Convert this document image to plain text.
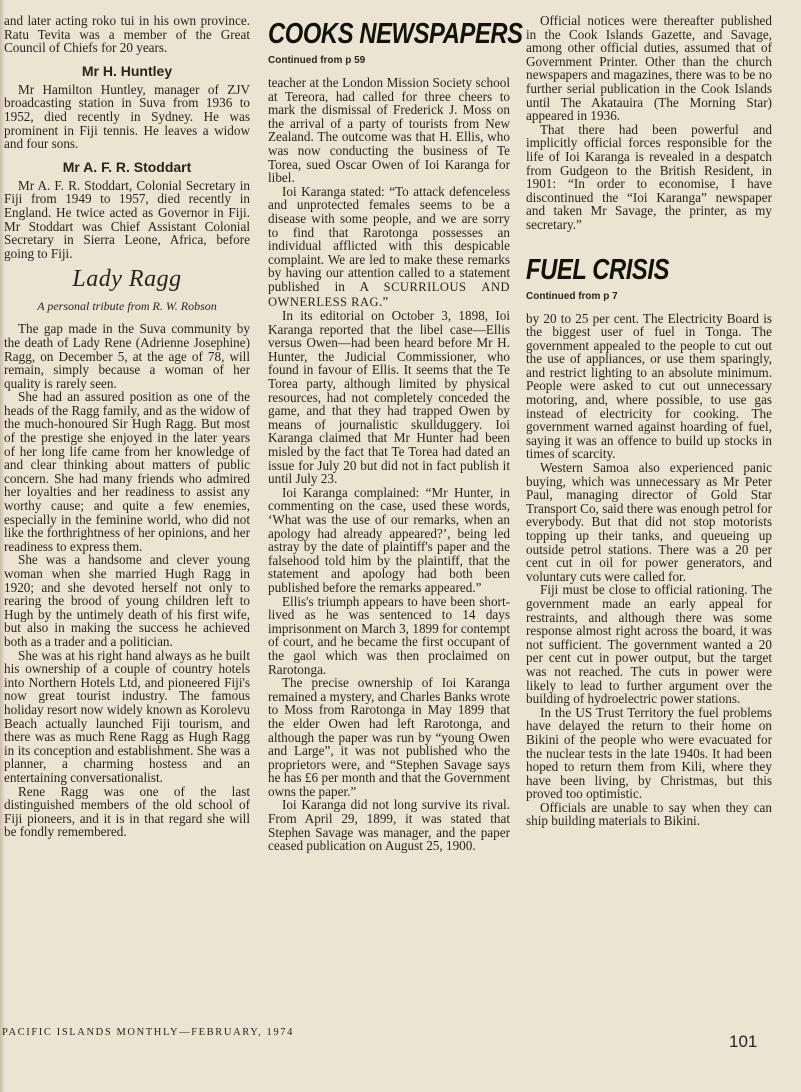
and later acting roko tui in his own province. Ratu Tevita was a member of the Great Council of Chiefs for 20 years.

Mr H. Huntley

Mr Hamilton Huntley, manager of ZJV broadcasting station in Suva from 1936 to 1952, died recently in Sydney. He was prominent in Fiji tennis. He leaves a widow and four sons.

Mr A. F. R. Stoddart

Mr A. F. R. Stoddart, Colonial Secretary in Fiji from 1949 to 1957, died recently in England. He twice acted as Governor in Fiji. Mr Stoddart was Chief Assistant Colonial Secretary in Sierra Leone, Africa, before going to Fiji.

Lady Ragg
A personal tribute from R. W. Robson

The gap made in the Suva community by the death of Lady Rene (Adrienne Josephine) Ragg, on December 5, at the age of 78, will remain, simply because a woman of her quality is rarely seen.

She had an assured position as one of the heads of the Ragg family, and as the widow of the much-honoured Sir Hugh Ragg. But most of the prestige she enjoyed in the later years of her long life came from her knowledge of and clear thinking about matters of public concern. She had many friends who admired her loyalties and her readiness to assist any worthy cause; and quite a few enemies, especially in the feminine world, who did not like the forthrightness of her opinions, and her readiness to express them.

She was a handsome and clever young woman when she married Hugh Ragg in 1920; and she devoted herself not only to rearing the brood of young children left to Hugh by the untimely death of his first wife, but also in making the success he achieved both as a trader and a politician.

She was at his right hand always as he built his ownership of a couple of country hotels into Northern Hotels Ltd, and pioneered Fiji's now great tourist industry. The famous holiday resort now widely known as Korolevu Beach actually launched Fiji tourism, and there was as much Rene Ragg as Hugh Ragg in its conception and establishment. She was a planner, a charming hostess and an entertaining conversationalist.

Rene Ragg was one of the last distinguished members of the old school of Fiji pioneers, and it is in that regard she will be fondly remembered.

COOKS NEWSPAPERS
Continued from p 59

teacher at the London Mission Society school at Tereora, had called for three cheers to mark the dismissal of Frederick J. Moss on the arrival of a party of tourists from New Zealand. The outcome was that H. Ellis, who was now conducting the business of Te Torea, sued Oscar Owen of Ioi Karanga for libel.

Ioi Karanga stated: “To attack defenceless and unprotected females seems to be a disease with some people, and we are sorry to find that Rarotonga possesses an individual afflicted with this despicable complaint. We are led to make these remarks by having our attention called to a statement published in A SCURRILOUS AND OWNERLESS RAG.”

In its editorial on October 3, 1898, Ioi Karanga reported that the libel case—Ellis versus Owen—had been heard before Mr H. Hunter, the Judicial Commissioner, who found in favour of Ellis. It seems that the Te Torea party, although limited by physical resources, had not completely conceded the game, and that they had trapped Owen by means of journalistic skullduggery. Ioi Karanga claimed that Mr Hunter had been misled by the fact that Te Torea had dated an issue for July 20 but did not in fact publish it until July 23.

Ioi Karanga complained: “Mr Hunter, in commenting on the case, used these words, ‘What was the use of our remarks, when an apology had already appeared?’, being led astray by the date of plaintiff's paper and the falsehood told him by the plaintiff, that the statement and apology had both been published before the remarks appeared.”

Ellis's triumph appears to have been short-lived as he was sentenced to 14 days imprisonment on March 3, 1899 for contempt of court, and he became the first occupant of the gaol which was then proclaimed on Rarotonga.

The precise ownership of Ioi Karanga remained a mystery, and Charles Banks wrote to Moss from Rarotonga in May 1899 that the elder Owen had left Rarotonga, and although the paper was run by “young Owen and Large”, it was not published who the proprietors were, and “Stephen Savage says he has £6 per month and that the Government owns the paper.”

Ioi Karanga did not long survive its rival. From April 29, 1899, it was stated that Stephen Savage was manager, and the paper ceased publication on August 25, 1900.

Official notices were thereafter published in the Cook Islands Gazette, and Savage, among other official duties, assumed that of Government Printer. Other than the church newspapers and magazines, there was to be no further serial publication in the Cook Islands until The Akatauira (The Morning Star) appeared in 1936.

That there had been powerful and implicitly official forces responsible for the life of Ioi Karanga is revealed in a despatch from Gudgeon to the British Resident, in 1901: “In order to economise, I have discontinued the “Ioi Karanga” newspaper and taken Mr Savage, the printer, as my secretary.”

FUEL CRISIS
Continued from p 7

by 20 to 25 per cent. The Electricity Board is the biggest user of fuel in Tonga. The government appealed to the people to cut out the use of appliances, or use them sparingly, and restrict lighting to an absolute minimum. People were asked to cut out unnecessary motoring, and, where possible, to use gas instead of electricity for cooking. The government warned against hoarding of fuel, saying it was an offence to build up stocks in times of scarcity.

Western Samoa also experienced panic buying, which was unnecessary as Mr Peter Paul, managing director of Gold Star Transport Co, said there was enough petrol for everybody. But that did not stop motorists topping up their tanks, and queueing up outside petrol stations. There was a 20 per cent cut in oil for power generators, and voluntary cuts were called for.

Fiji must be close to official rationing. The government made an early appeal for restraints, and although there was some response almost right across the board, it was not sufficient. The government wanted a 20 per cent cut in power output, but the target was not reached. The cuts in power were likely to lead to further argument over the building of hydroelectric power stations.

In the US Trust Territory the fuel problems have delayed the return to their home on Bikini of the people who were evacuated for the nuclear tests in the late 1940s. It had been hoped to return them from Kili, where they have been living, by Christmas, but this proved too optimistic.

Officials are unable to say when they can ship building materials to Bikini.

PACIFIC ISLANDS MONTHLY—FEBRUARY, 1974	101
